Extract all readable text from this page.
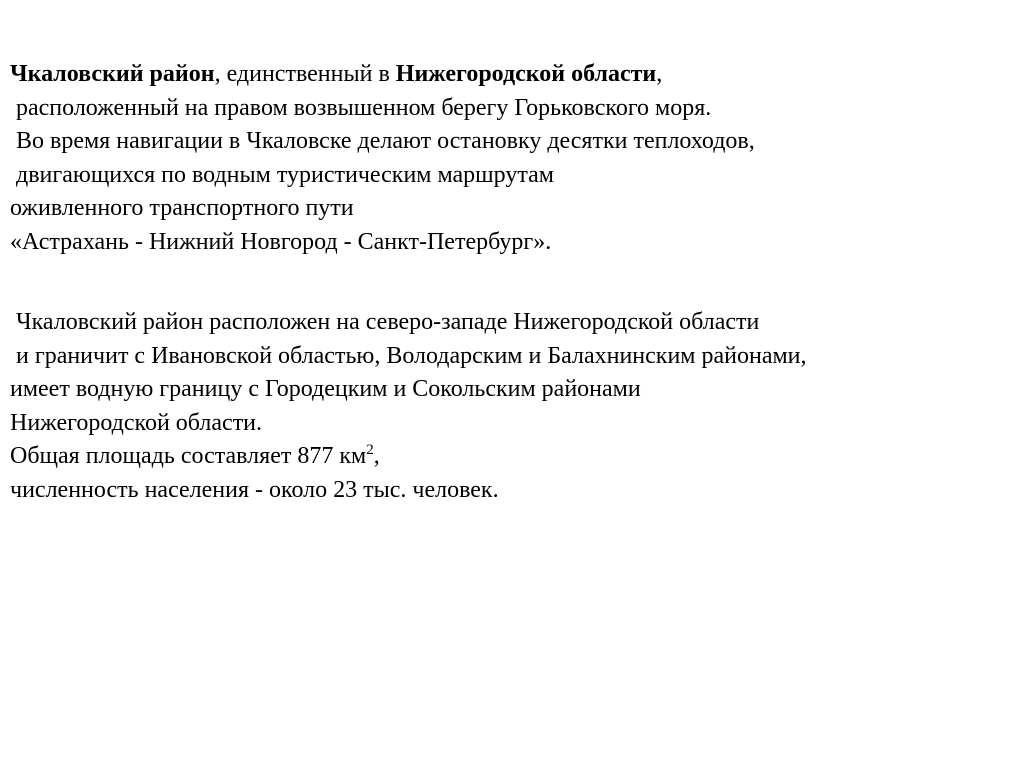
Чкаловский район, единственный в Нижегородской области,
расположенный на правом возвышенном берегу Горьковского моря.
Во время навигации в Чкаловске делают остановку десятки теплоходов,
двигающихся по водным туристическим маршрутам
оживленного транспортного пути
«Астрахань - Нижний Новгород - Санкт-Петербург».
Чкаловский район расположен на северо-западе Нижегородской области
и граничит с Ивановской областью, Володарским и Балахнинским районами,
имеет водную границу с Городецким и Сокольским районами
Нижегородской области.
Общая площадь составляет 877 $км^2$,
численность населения - около 23 тыс. человек.
